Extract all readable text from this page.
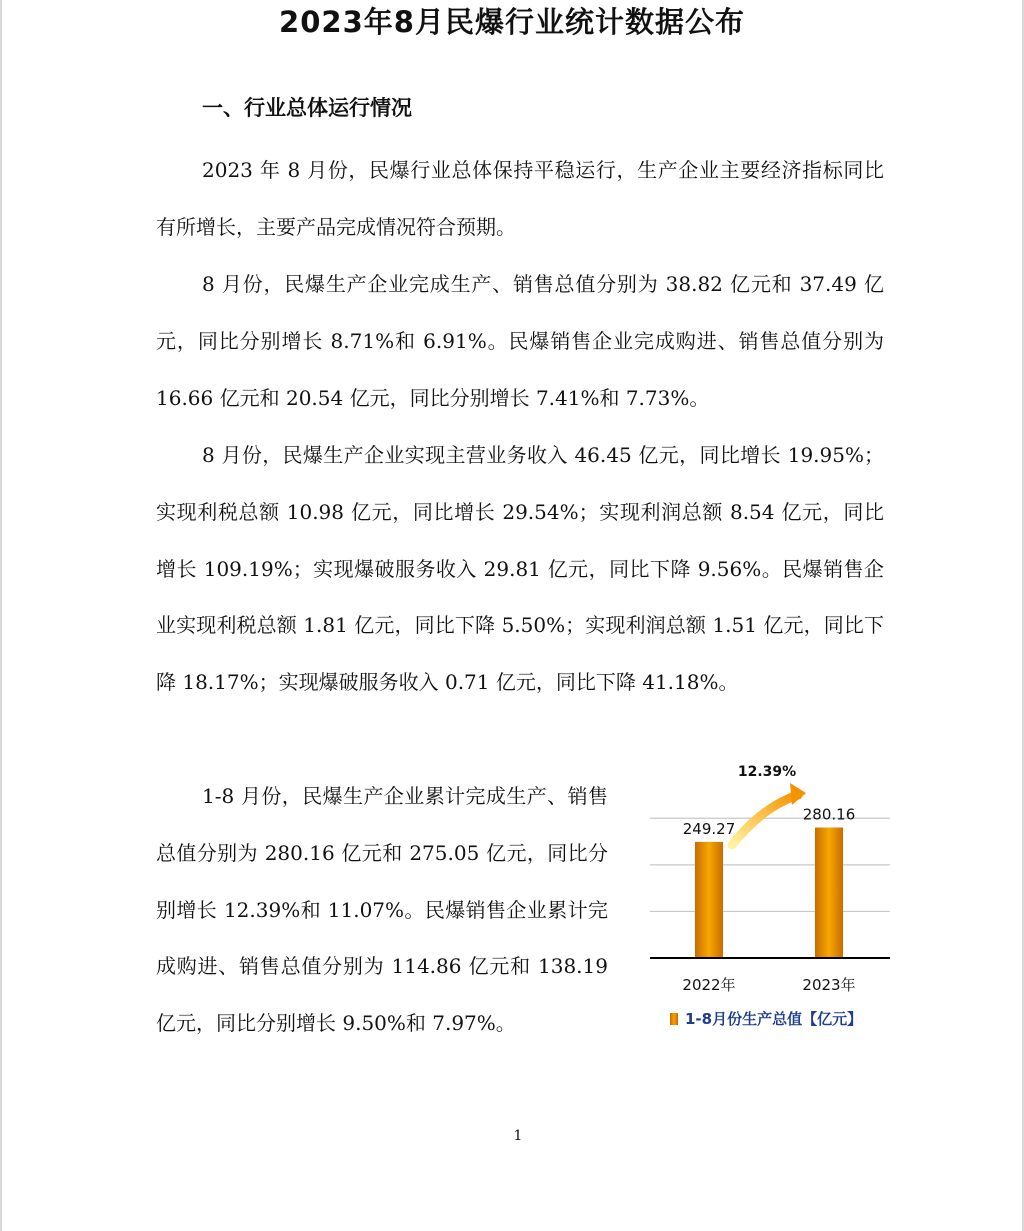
2023年8月民爆行业统计数据公布
一、行业总体运行情况

2023 年 8 月份，民爆行业总体保持平稳运行，生产企业主要经济指标同比有所增长，主要产品完成情况符合预期。

8 月份，民爆生产企业完成生产、销售总值分别为 38.82 亿元和 37.49 亿元，同比分别增长 8.71%和 6.91%。民爆销售企业完成购进、销售总值分别为 16.66 亿元和 20.54 亿元，同比分别增长 7.41%和 7.73%。

8 月份，民爆生产企业实现主营业务收入 46.45 亿元，同比增长 19.95%；实现利税总额 10.98 亿元，同比增长 29.54%；实现利润总额 8.54 亿元，同比增长 109.19%；实现爆破服务收入 29.81 亿元，同比下降 9.56%。民爆销售企业实现利税总额 1.81 亿元，同比下降 5.50%；实现利润总额 1.51 亿元，同比下降 18.17%；实现爆破服务收入 0.71 亿元，同比下降 41.18%。

1-8 月份，民爆生产企业累计完成生产、销售总值分别为 280.16 亿元和 275.05 亿元，同比分别增长 12.39%和 11.07%。民爆销售企业累计完成购进、销售总值分别为 114.86 亿元和 138.19 亿元，同比分别增长 9.50%和 7.97%。

249.27
2022年
280.16
2023年
12.39%
1-8月份生产总值【亿元】
1
